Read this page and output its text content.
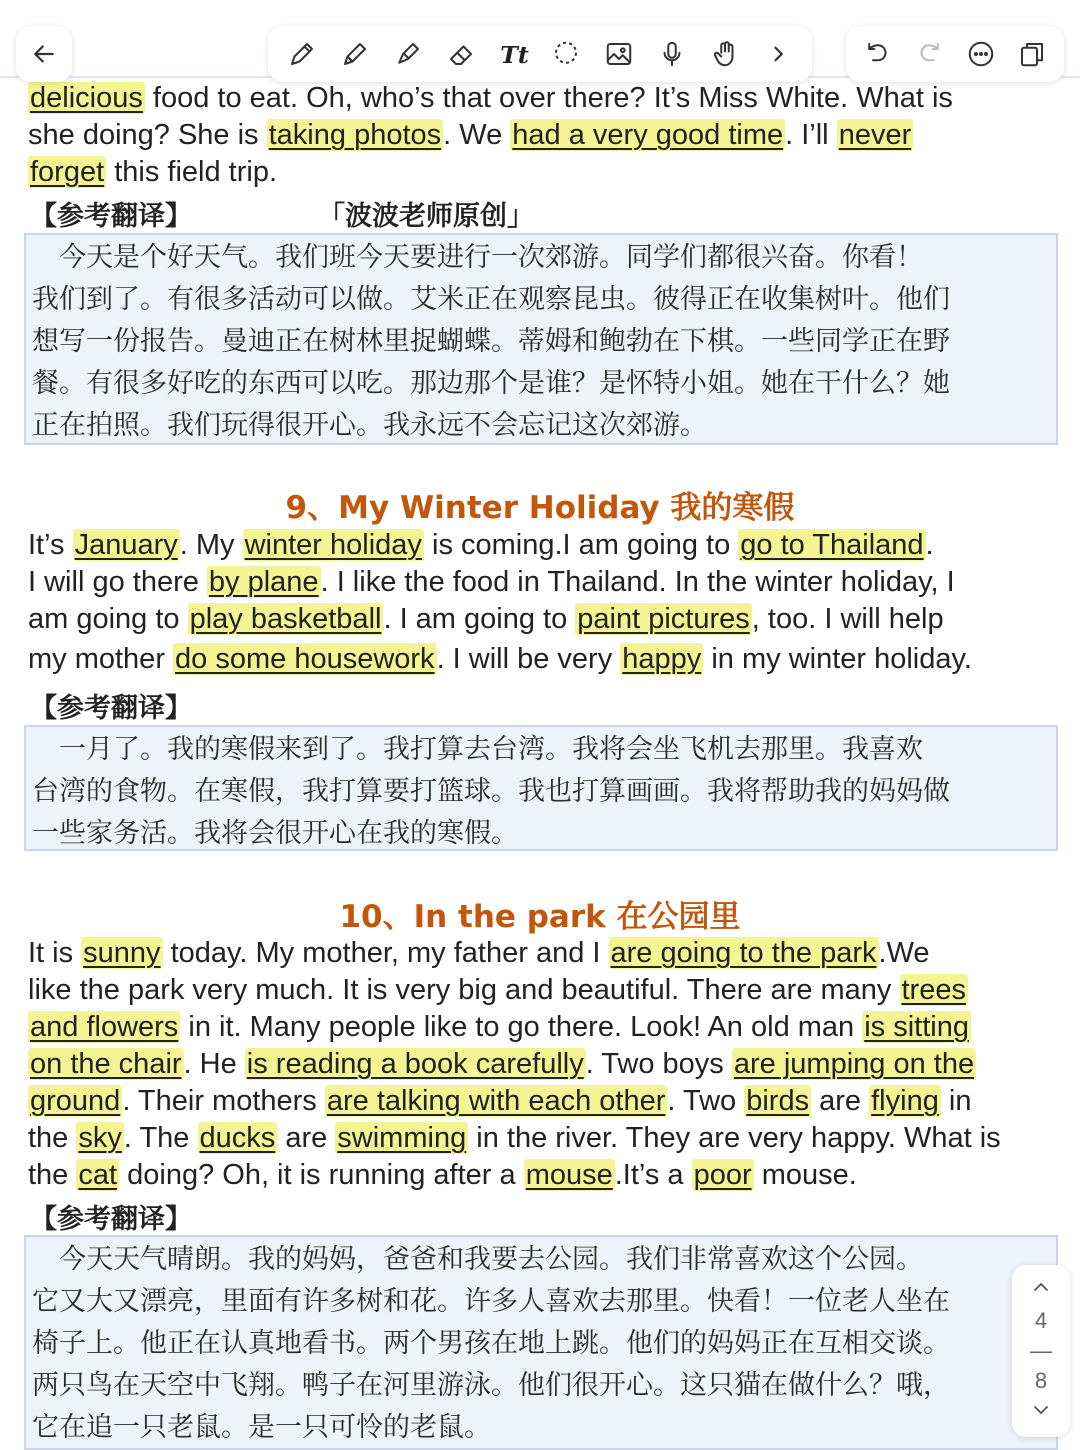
delicious food to eat. Oh, who’s that over there? It’s Miss White. What is
she doing? She is taking photos. We had a very good time. I’ll never
forget this field trip.
【参考翻译】	「波波老师原创」
　今天是个好天气。我们班今天要进行一次郊游。同学们都很兴奋。你看！
我们到了。有很多活动可以做。艾米正在观察昆虫。彼得正在收集树叶。他们
想写一份报告。曼迪正在树林里捉蝴蝶。蒂姆和鲍勃在下棋。一些同学正在野
餐。有很多好吃的东西可以吃。那边那个是谁？是怀特小姐。她在干什么？她
正在拍照。我们玩得很开心。我永远不会忘记这次郊游。
9、My Winter Holiday 我的寒假
It’s January. My winter holiday is coming.I am going to go to Thailand.
I will go there by plane. I like the food in Thailand. In the winter holiday, I
am going to play basketball. I am going to paint pictures, too. I will help
my mother do some housework. I will be very happy in my winter holiday.
【参考翻译】
　一月了。我的寒假来到了。我打算去台湾。我将会坐飞机去那里。我喜欢
台湾的食物。在寒假，我打算要打篮球。我也打算画画。我将帮助我的妈妈做
一些家务活。我将会很开心在我的寒假。
10、In the park 在公园里
It is sunny today. My mother, my father and I are going to the park.We
like the park very much. It is very big and beautiful. There are many trees
and flowers in it. Many people like to go there. Look! An old man is sitting
on the chair. He is reading a book carefully. Two boys are jumping on the
ground. Their mothers are talking with each other. Two birds are flying in
the sky. The ducks are swimming in the river. They are very happy. What is
the cat doing? Oh, it is running after a mouse.It’s a poor mouse.
【参考翻译】
　今天天气晴朗。我的妈妈，爸爸和我要去公园。我们非常喜欢这个公园。
它又大又漂亮，里面有许多树和花。许多人喜欢去那里。快看！一位老人坐在
椅子上。他正在认真地看书。两个男孩在地上跳。他们的妈妈正在互相交谈。
两只鸟在天空中飞翔。鸭子在河里游泳。他们很开心。这只猫在做什么？哦，
它在追一只老鼠。是一只可怜的老鼠。
Tt
4
—
8
